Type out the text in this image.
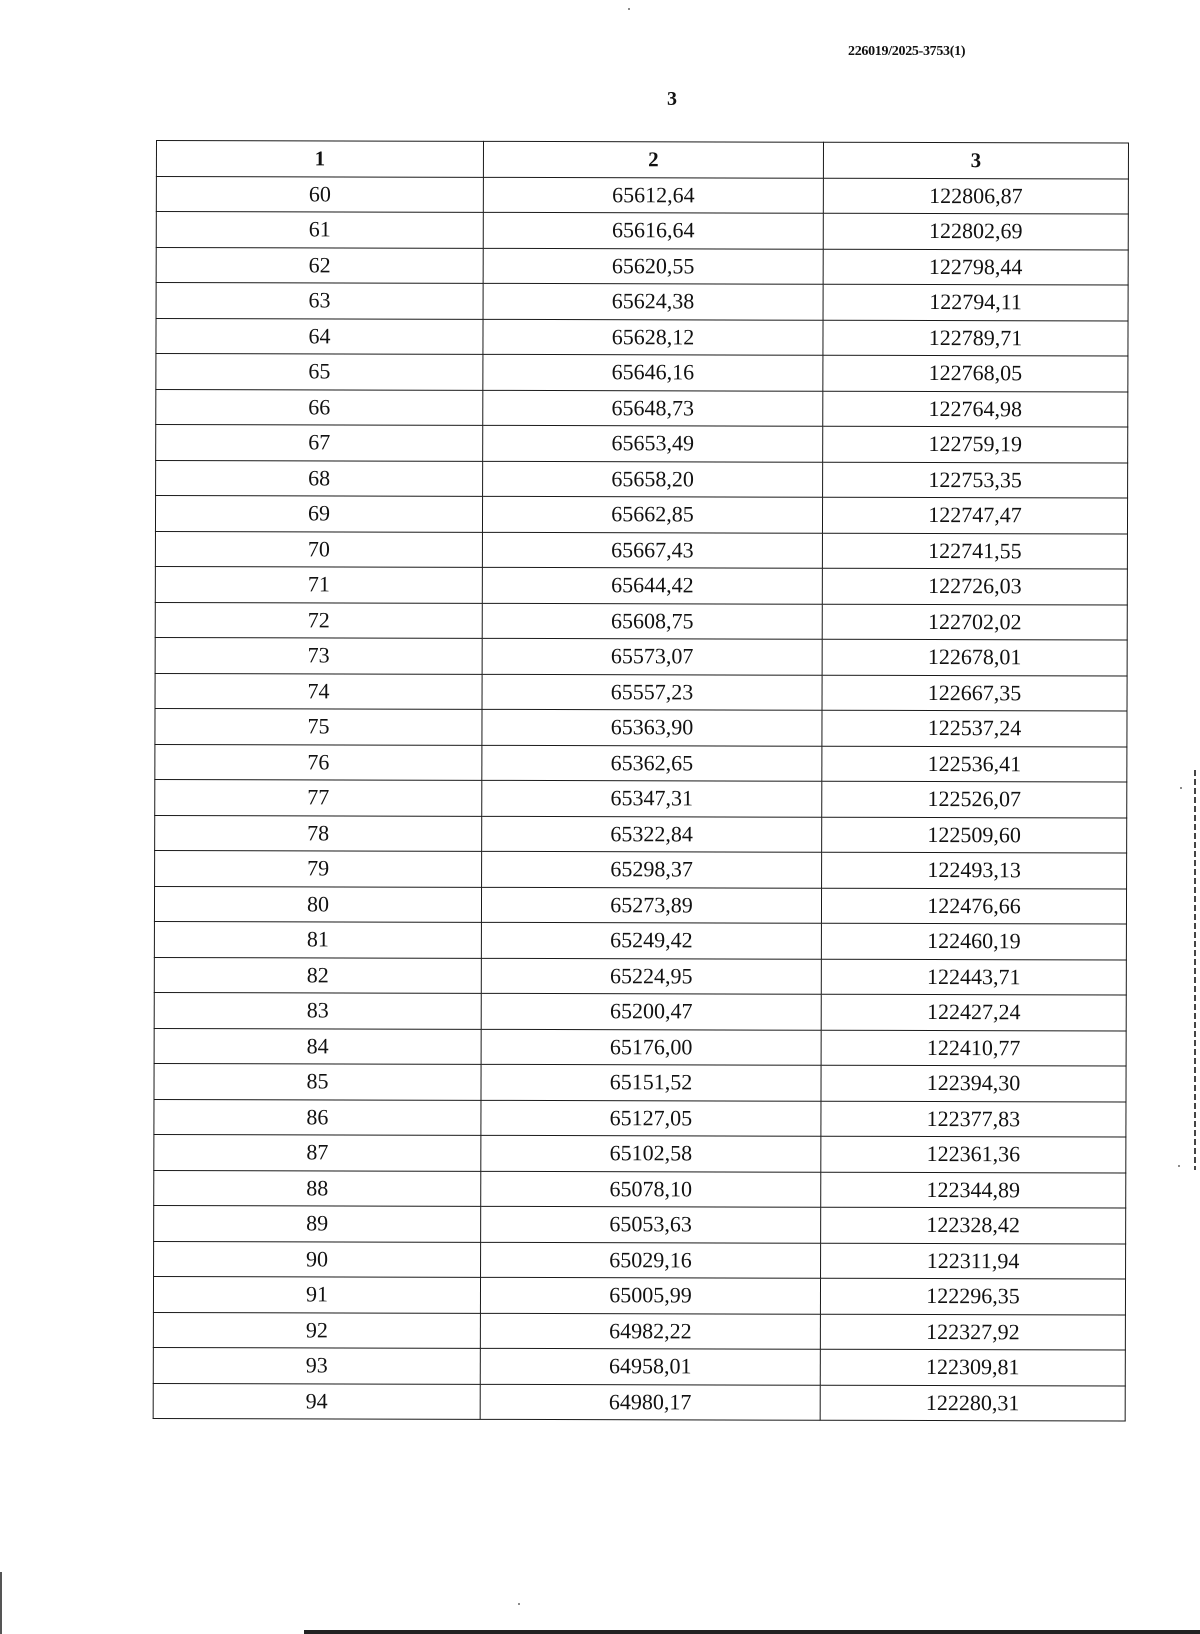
226019/2025-3753(1)
3
1	2	3
60	65612,64	122806,87
61	65616,64	122802,69
62	65620,55	122798,44
63	65624,38	122794,11
64	65628,12	122789,71
65	65646,16	122768,05
66	65648,73	122764,98
67	65653,49	122759,19
68	65658,20	122753,35
69	65662,85	122747,47
70	65667,43	122741,55
71	65644,42	122726,03
72	65608,75	122702,02
73	65573,07	122678,01
74	65557,23	122667,35
75	65363,90	122537,24
76	65362,65	122536,41
77	65347,31	122526,07
78	65322,84	122509,60
79	65298,37	122493,13
80	65273,89	122476,66
81	65249,42	122460,19
82	65224,95	122443,71
83	65200,47	122427,24
84	65176,00	122410,77
85	65151,52	122394,30
86	65127,05	122377,83
87	65102,58	122361,36
88	65078,10	122344,89
89	65053,63	122328,42
90	65029,16	122311,94
91	65005,99	122296,35
92	64982,22	122327,92
93	64958,01	122309,81
94	64980,17	122280,31
